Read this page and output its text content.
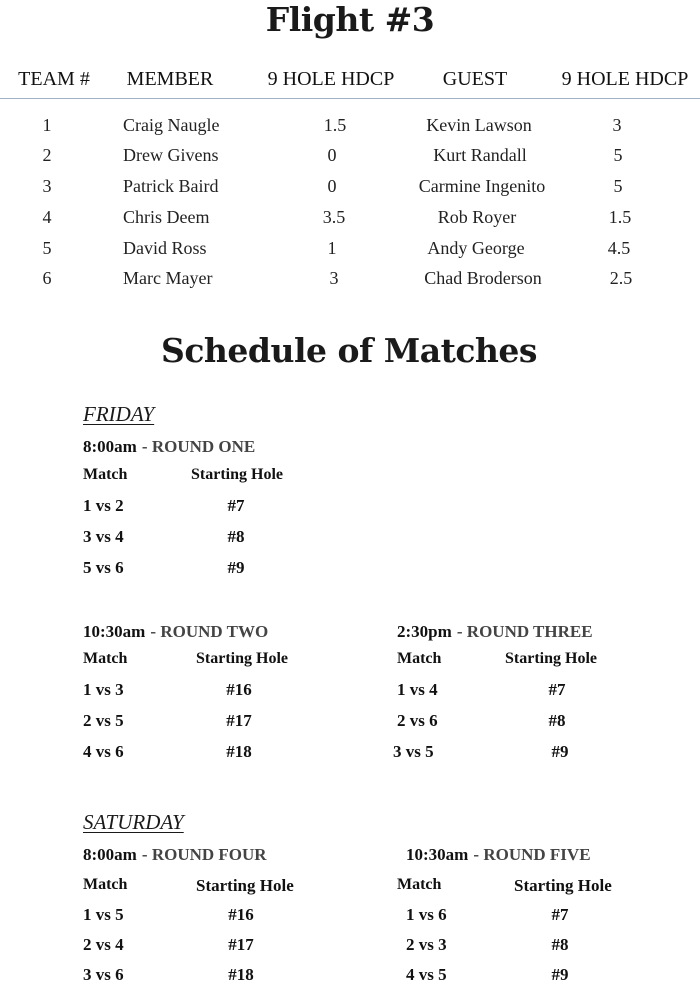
Flight #3
TEAM # MEMBER	9 HOLE HDCP GUEST	9 HOLE HDCP
1	Craig Naugle	1.5	Kevin Lawson	3
2	Drew Givens	0	Kurt Randall	5
3	Patrick Baird	0	Carmine Ingenito	5
4	Chris Deem	3.5	Rob Royer	1.5
5	David Ross	1	Andy George	4.5
6	Marc Mayer	3	Chad Broderson	2.5
Schedule of Matches
FRIDAY
8:00am - ROUND ONE
Match	Starting Hole
1 vs 2	#7
3 vs 4	#8
5 vs 6	#9
10:30am - ROUND TWO
Match	Starting Hole
1 vs 3	#16
2 vs 5	#17
4 vs 6	#18
2:30pm - ROUND THREE
Match	Starting Hole
1 vs 4	#7
2 vs 6	#8
3 vs 5	#9
SATURDAY
8:00am - ROUND FOUR
Match	Starting Hole
1 vs 5	#16
2 vs 4	#17
3 vs 6	#18
10:30am - ROUND FIVE
Match	Starting Hole
1 vs 6	#7
2 vs 3	#8
4 vs 5	#9
